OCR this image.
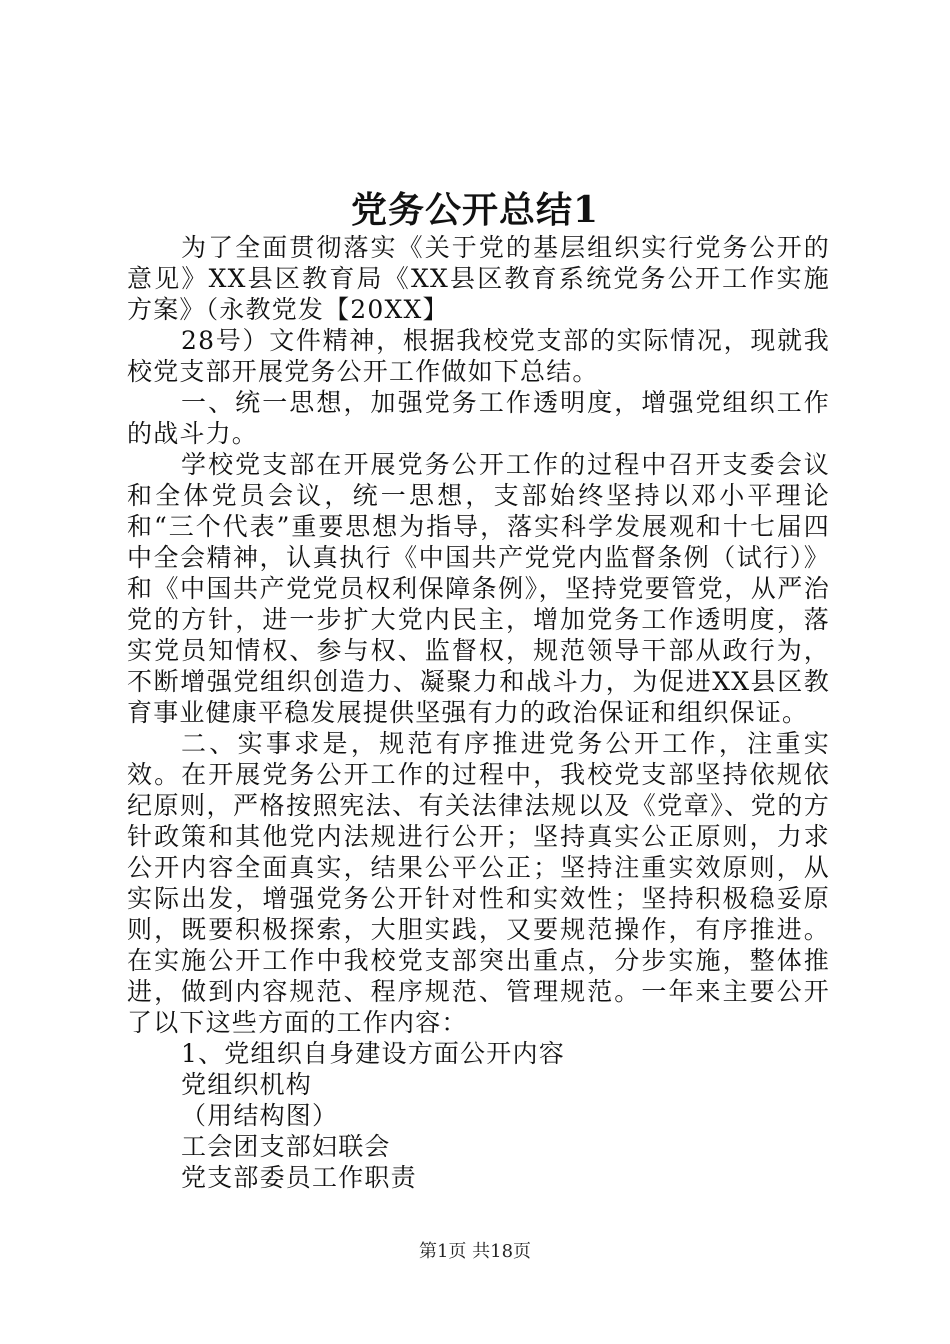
党务公开总结1

为了全面贯彻落实《关于党的基层组织实行党务公开的意见》XX县区教育局《XX县区教育系统党务公开工作实施方案》（永教党发【20XX】

28号）文件精神，根据我校党支部的实际情况，现就我校党支部开展党务公开工作做如下总结。

一、统一思想，加强党务工作透明度，增强党组织工作的战斗力。

学校党支部在开展党务公开工作的过程中召开支委会议和全体党员会议，统一思想，支部始终坚持以邓小平理论和“三个代表”重要思想为指导，落实科学发展观和十七届四中全会精神，认真执行《中国共产党党内监督条例（试行）》和《中国共产党党员权利保障条例》，坚持党要管党，从严治党的方针，进一步扩大党内民主，增加党务工作透明度，落实党员知情权、参与权、监督权，规范领导干部从政行为，不断增强党组织创造力、凝聚力和战斗力，为促进XX县区教育事业健康平稳发展提供坚强有力的政治保证和组织保证。

二、实事求是，规范有序推进党务公开工作，注重实效。在开展党务公开工作的过程中，我校党支部坚持依规依纪原则，严格按照宪法、有关法律法规以及《党章》、党的方针政策和其他党内法规进行公开；坚持真实公正原则，力求公开内容全面真实，结果公平公正；坚持注重实效原则，从实际出发，增强党务公开针对性和实效性；坚持积极稳妥原则，既要积极探索，大胆实践，又要规范操作，有序推进。在实施公开工作中我校党支部突出重点，分步实施，整体推进，做到内容规范、程序规范、管理规范。一年来主要公开了以下这些方面的工作内容：

1、党组织自身建设方面公开内容

党组织机构

（用结构图）

工会团支部妇联会

党支部委员工作职责

第1页 共18页
